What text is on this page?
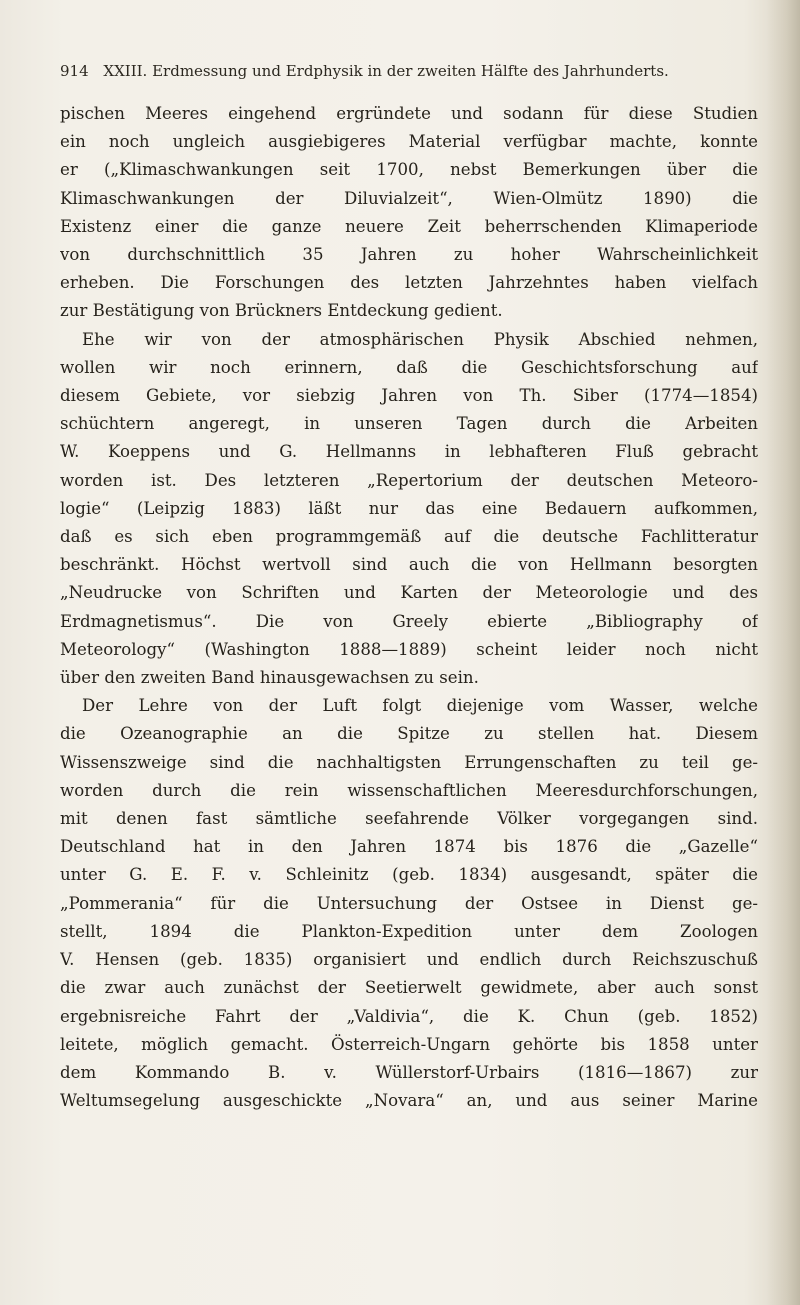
914 XXIII. Erdmessung und Erdphysik in der zweiten Hälfte des Jahrhunderts.
pischen Meeres eingehend ergründete und sodann für diese Studien
ein noch ungleich ausgiebigeres Material verfügbar machte, konnte
er („Klimaschwankungen seit 1700, nebst Bemerkungen über die
Klimaschwankungen der Diluvialzeit“, Wien-Olmütz 1890) die
Existenz einer die ganze neuere Zeit beherrschenden Klimaperiode
von durchschnittlich 35 Jahren zu hoher Wahrscheinlichkeit
erheben. Die Forschungen des letzten Jahrzehntes haben vielfach
zur Bestätigung von Brückners Entdeckung gedient.
Ehe wir von der atmosphärischen Physik Abschied nehmen,
wollen wir noch erinnern, daß die Geschichtsforschung auf
diesem Gebiete, vor siebzig Jahren von Th. Siber (1774—1854)
schüchtern angeregt, in unseren Tagen durch die Arbeiten
W. Koeppens und G. Hellmanns in lebhafteren Fluß gebracht
worden ist. Des letzteren „Repertorium der deutschen Meteoro-
logie“ (Leipzig 1883) läßt nur das eine Bedauern aufkommen,
daß es sich eben programmgemäß auf die deutsche Fachlitteratur
beschränkt. Höchst wertvoll sind auch die von Hellmann besorgten
„Neudrucke von Schriften und Karten der Meteorologie und des
Erdmagnetismus“. Die von Greely ebierte „Bibliography of
Meteorology“ (Washington 1888—1889) scheint leider noch nicht
über den zweiten Band hinausgewachsen zu sein.
Der Lehre von der Luft folgt diejenige vom Wasser, welche
die Ozeanographie an die Spitze zu stellen hat. Diesem
Wissenszweige sind die nachhaltigsten Errungenschaften zu teil ge-
worden durch die rein wissenschaftlichen Meeresdurchforschungen,
mit denen fast sämtliche seefahrende Völker vorgegangen sind.
Deutschland hat in den Jahren 1874 bis 1876 die „Gazelle“
unter G. E. F. v. Schleinitz (geb. 1834) ausgesandt, später die
„Pommerania“ für die Untersuchung der Ostsee in Dienst ge-
stellt, 1894 die Plankton-Expedition unter dem Zoologen
V. Hensen (geb. 1835) organisiert und endlich durch Reichszuschuß
die zwar auch zunächst der Seetierwelt gewidmete, aber auch sonst
ergebnisreiche Fahrt der „Valdivia“, die K. Chun (geb. 1852)
leitete, möglich gemacht. Österreich-Ungarn gehörte bis 1858 unter
dem Kommando B. v. Wüllerstorf-Urbairs (1816—1867) zur
Weltumsegelung ausgeschickte „Novara“ an, und aus seiner Marine
